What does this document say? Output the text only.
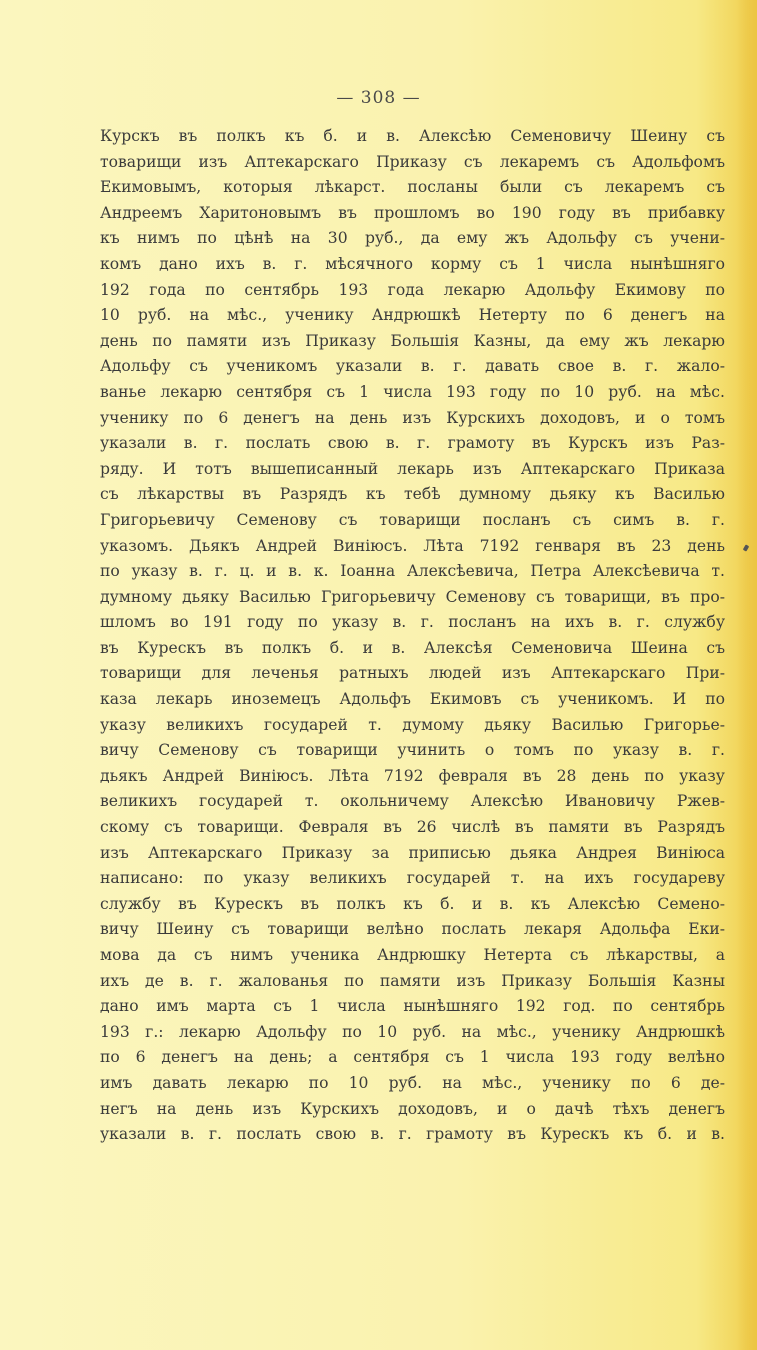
— 308 —
Курскъ въ полкъ къ б. и в. Алексѣю Семеновичу Шеину съ
товарищи изъ Аптекарскаго Приказу съ лекаремъ съ Адольфомъ
Екимовымъ, которыя лѣкарст. посланы были съ лекаремъ съ
Андреемъ Харитоновымъ въ прошломъ во 190 году въ прибавку
къ нимъ по цѣнѣ на 30 руб., да ему жъ Адольфу съ учени-
комъ дано ихъ в. г. мѣсячного корму съ 1 числа нынѣшняго
192 года по сентябрь 193 года лекарю Адольфу Екимову по
10 руб. на мѣс., ученику Андрюшкѣ Нетерту по 6 денегъ на
день по памяти изъ Приказу Большія Казны, да ему жъ лекарю
Адольфу съ ученикомъ указали в. г. давать свое в. г. жало-
ванье лекарю сентября съ 1 числа 193 году по 10 руб. на мѣс.
ученику по 6 денегъ на день изъ Курскихъ доходовъ, и о томъ
указали в. г. послать свою в. г. грамоту въ Курскъ изъ Раз-
ряду. И тотъ вышеписанный лекарь изъ Аптекарскаго Приказа
съ лѣкарствы въ Разрядъ къ тебѣ думному дьяку къ Василью
Григорьевичу Семенову съ товарищи посланъ съ симъ в. г.
указомъ. Дьякъ Андрей Виніюсъ. Лѣта 7192 генваря въ 23 день
по указу в. г. ц. и в. к. Іоанна Алексѣевича, Петра Алексѣевича т.
думному дьяку Василью Григорьевичу Семенову съ товарищи, въ про-
шломъ во 191 году по указу в. г. посланъ на ихъ в. г. службу
въ Курескъ въ полкъ б. и в. Алексѣя Семеновича Шеина съ
товарищи для леченья ратныхъ людей изъ Аптекарскаго При-
каза лекарь иноземецъ Адольфъ Екимовъ съ ученикомъ. И по
указу великихъ государей т. думому дьяку Василью Григорье-
вичу Семенову съ товарищи учинить о томъ по указу в. г.
дьякъ Андрей Виніюсъ. Лѣта 7192 февраля въ 28 день по указу
великихъ государей т. окольничему Алексѣю Ивановичу Ржев-
скому съ товарищи. Февраля въ 26 числѣ въ памяти въ Разрядъ
изъ Аптекарскаго Приказу за приписью дьяка Андрея Виніюса
написано: по указу великихъ государей т. на ихъ государеву
службу въ Курескъ въ полкъ къ б. и в. къ Алексѣю Семено-
вичу Шеину съ товарищи велѣно послать лекаря Адольфа Еки-
мова да съ нимъ ученика Андрюшку Нетерта съ лѣкарствы, а
ихъ де в. г. жалованья по памяти изъ Приказу Большія Казны
дано имъ марта съ 1 числа нынѣшняго 192 год. по сентябрь
193 г.: лекарю Адольфу по 10 руб. на мѣс., ученику Андрюшкѣ
по 6 денегъ на день; а сентября съ 1 числа 193 году велѣно
имъ давать лекарю по 10 руб. на мѣс., ученику по 6 де-
негъ на день изъ Курскихъ доходовъ, и о дачѣ тѣхъ денегъ
указали в. г. послать свою в. г. грамоту въ Курескъ къ б. и в.
